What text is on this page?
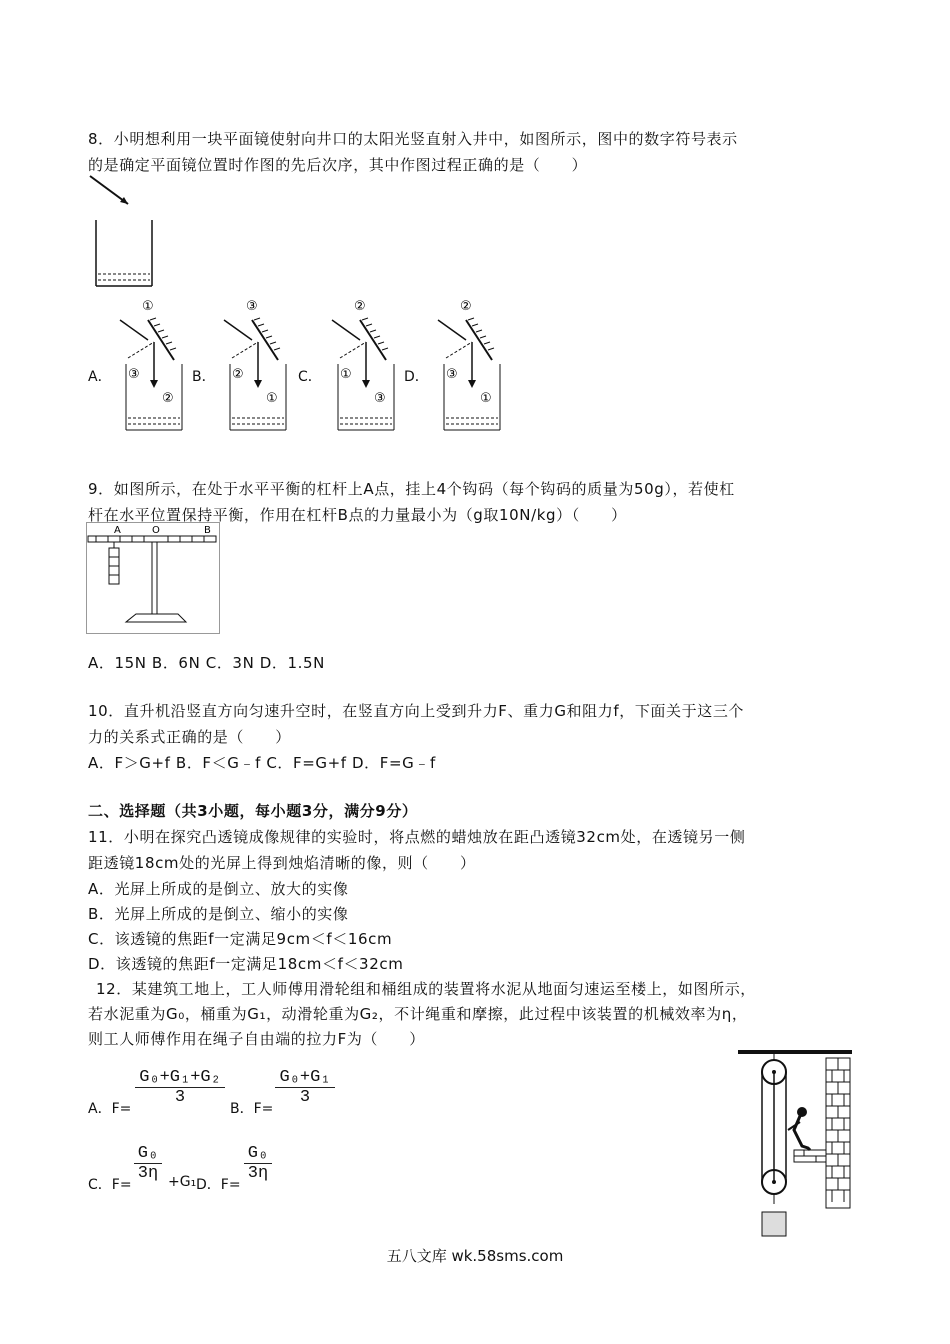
8．小明想利用一块平面镜使射向井口的太阳光竖直射入井中，如图所示，图中的数字符号表示
的是确定平面镜位置时作图的先后次序，其中作图过程正确的是（　　）
A．
①
③
②
B．
③
②
①
C．
②
①
③
D．
②
③
①
9．如图所示，在处于水平平衡的杠杆上A点，挂上4个钩码（每个钩码的质量为50g），若使杠
杆在水平位置保持平衡，作用在杠杆B点的力量最小为（g取10N/kg）（　　）
A	O	B
A．15N B．6N C．3N D．1.5N
10．直升机沿竖直方向匀速升空时，在竖直方向上受到升力F、重力G和阻力f，下面关于这三个
力的关系式正确的是（　　）
A．F＞G+f B．F＜G﹣f C．F=G+f D．F=G﹣f
二、选择题（共3小题，每小题3分，满分9分）
11．小明在探究凸透镜成像规律的实验时，将点燃的蜡烛放在距凸透镜32cm处，在透镜另一侧
距透镜18cm处的光屏上得到烛焰清晰的像，则（　　）
A．光屏上所成的是倒立、放大的实像
B．光屏上所成的是倒立、缩小的实像
C．该透镜的焦距f一定满足9cm＜f＜16cm
D．该透镜的焦距f一定满足18cm＜f＜32cm
12．某建筑工地上，工人师傅用滑轮组和桶组成的装置将水泥从地面匀速运至楼上，如图所示，
若水泥重为G₀，桶重为G₁，动滑轮重为G₂，不计绳重和摩擦，此过程中该装置的机械效率为η，
则工人师傅作用在绳子自由端的拉力F为（　　）
A．F=
$\frac{\text{G₀+G₁+G₂}}{3}$
B．F=
$\frac{\text{G₀+G₁}}{3}$
C．F=
$\frac{\text{G₀}}{3\eta} +G_1$ D．F=
$\frac{\text{G₀}}{3\eta}$
五八文库 wk.58sms.com
